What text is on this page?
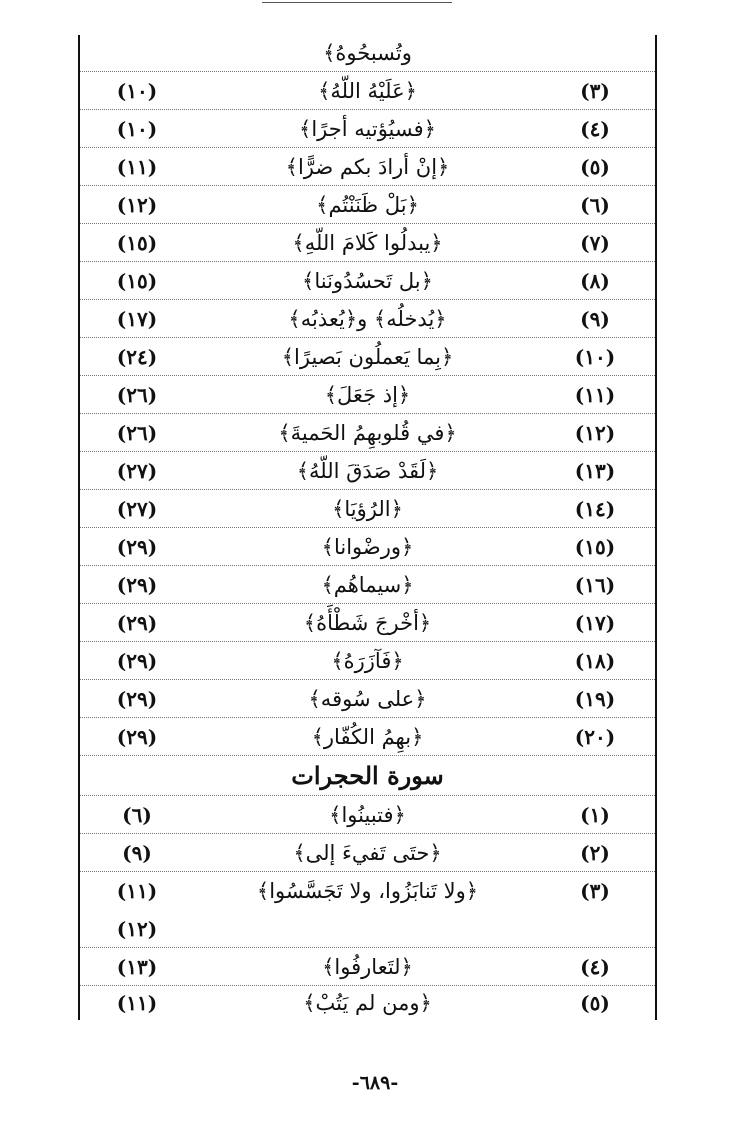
وتُسبحُوهُ﴾
(٣)
﴿عَلَيْهُ اللّهُ﴾
(١٠)
(٤)
﴿فسيُؤتيه أجرًا﴾
(١٠)
(٥)
﴿إنْ أرادَ بكم ضرًّا﴾
(١١)
(٦)
﴿بَلْ ظَنَنْتُم﴾
(١٢)
(٧)
﴿يبدلُوا كَلامَ اللّهِ﴾
(١٥)
(٨)
﴿بل تَحسُدُونَنا﴾
(١٥)
(٩)
﴿يُدخلُه﴾ و﴿يُعذبُه﴾
(١٧)
(١٠)
﴿بِما يَعملُون بَصيرًا﴾
(٢٤)
(١١)
﴿إذ جَعَلَ﴾
(٢٦)
(١٢)
﴿في قُلوبهِمُ الحَميةَ﴾
(٢٦)
(١٣)
﴿لَقَدْ صَدَقَ اللّهُ﴾
(٢٧)
(١٤)
﴿الرُؤيَا﴾
(٢٧)
(١٥)
﴿ورضْوانا﴾
(٢٩)
(١٦)
﴿سيماهُم﴾
(٢٩)
(١٧)
﴿أخْرجَ شَطْأَهُ﴾
(٢٩)
(١٨)
﴿فَآزَرَهُ﴾
(٢٩)
(١٩)
﴿على سُوقه﴾
(٢٩)
(٢٠)
﴿بهِمُ الكُفّار﴾
(٢٩)
سورة الحجرات
(١)
﴿فتبينُوا﴾
(٦)
(٢)
﴿حتَى تَفيءَ إلى﴾
(٩)
(٣)
﴿ولا تَنابَزُوا، ولا تَجَسَّسُوا﴾
(١١)
(١٢)
(٤)
﴿لتَعارفُوا﴾
(١٣)
(٥)
﴿ومن لم يَتُبْ﴾
(١١)
-٦٨٩-
